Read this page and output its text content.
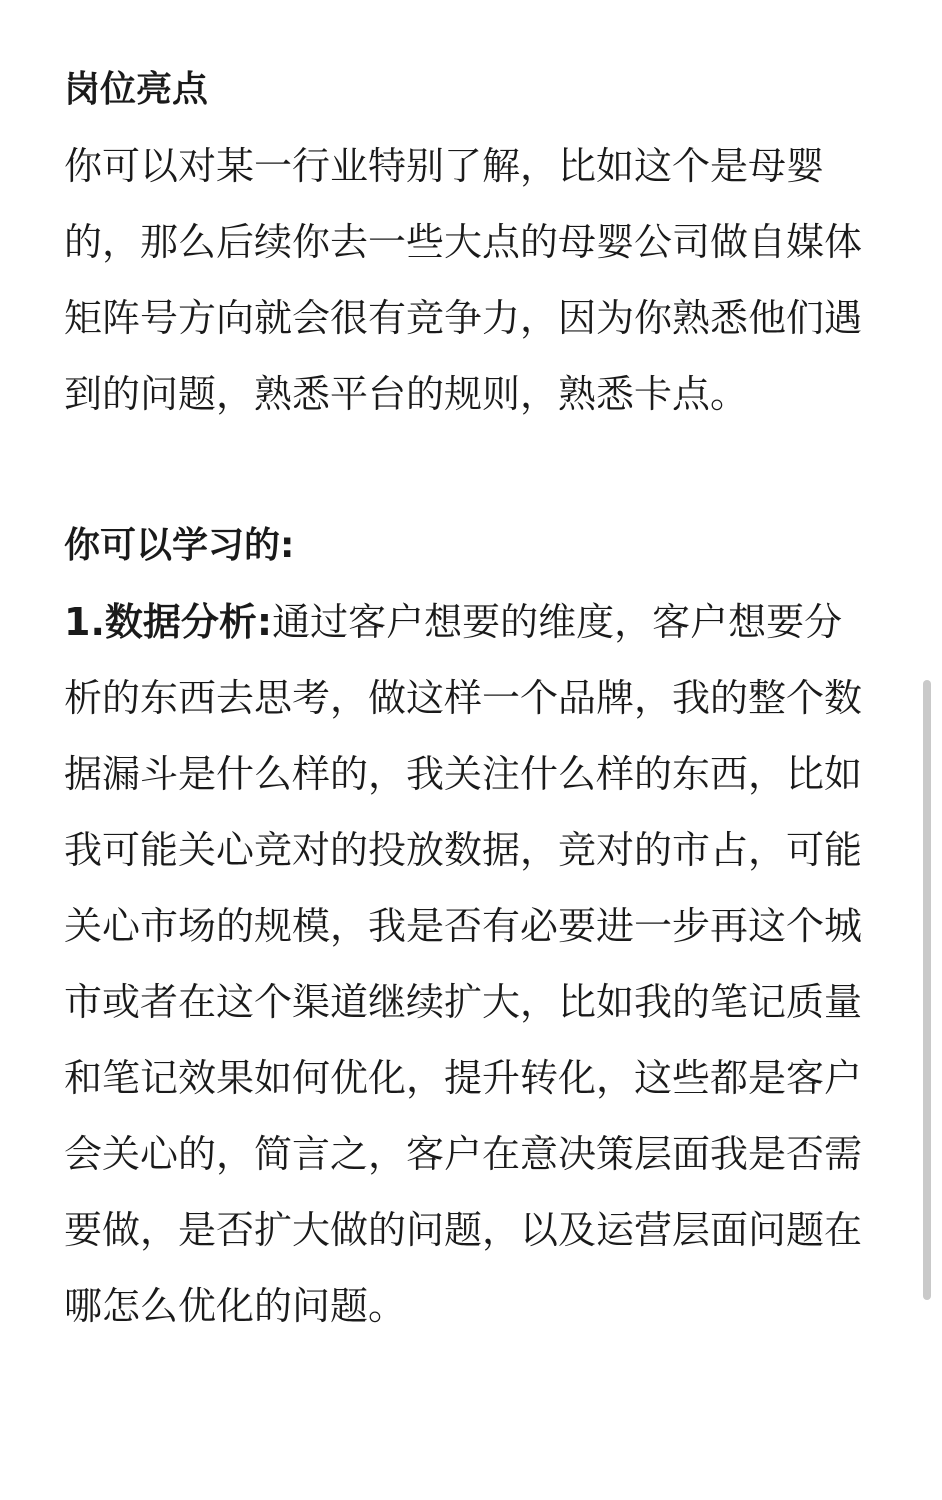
岗位亮点

你可以对某一行业特别了解，比如这个是母婴的，那么后续你去一些大点的母婴公司做自媒体矩阵号方向就会很有竞争力，因为你熟悉他们遇到的问题，熟悉平台的规则，熟悉卡点。

你可以学习的:

1.数据分析:通过客户想要的维度，客户想要分析的东西去思考，做这样一个品牌，我的整个数据漏斗是什么样的，我关注什么样的东西，比如我可能关心竞对的投放数据，竞对的市占，可能关心市场的规模，我是否有必要进一步再这个城市或者在这个渠道继续扩大，比如我的笔记质量和笔记效果如何优化，提升转化，这些都是客户会关心的，简言之，客户在意决策层面我是否需要做，是否扩大做的问题，以及运营层面问题在哪怎么优化的问题。
